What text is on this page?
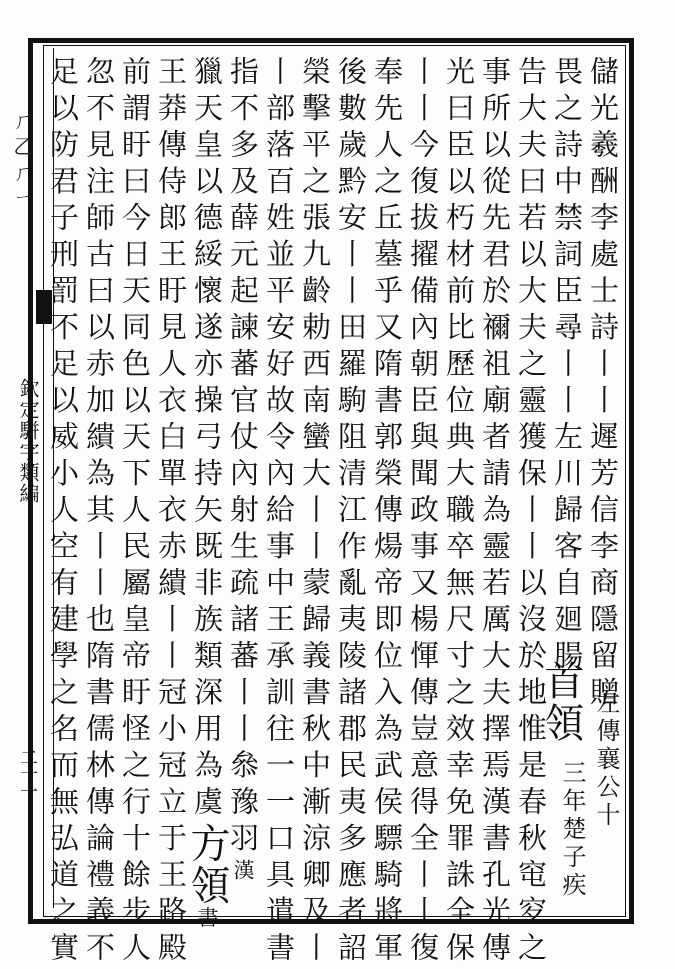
ㄏ乙ㄏㄧ
欽定駢字類編
二十一
儲光羲酬李處士詩丨丨遲芳信李商隱留贈
畏之詩中禁詞臣尋丨丨左川歸客自廻腸
告大夫曰若以大夫之靈獲保丨丨以沒於地惟是春秋窀穸之
事所以從先君於禰祖廟者請為靈若厲大夫擇焉漢書孔光傳
光曰臣以朽材前比歷位典大職卒無尺寸之效幸免罪誅全保
丨丨今復拔擢備內朝臣與聞政事又楊惲傳豈意得全丨丨復
奉先人之丘墓乎又隋書郭榮傳煬帝即位入為武侯驃騎將軍
後數歲黔安丨丨田羅駒阻清江作亂夷陵諸郡民夷多應者詔
榮擊平之張九齡勅西南蠻大丨丨蒙歸義書秋中漸涼卿及丨
丨部落百姓並平安好故令內給事中王承訓往一一口具遣書
指不多及薛元起諫蕃官仗內射生疏諸蕃丨丨叅豫羽漢
獵天皇以德綏懷遂亦操弓持矢既非族類深用為虞方領書
王莽傳侍郎王盱見人衣白單衣赤繢丨丨冠小冠立于王路殿
前謂盱曰今日天同色以天下人民屬皇帝盱怪之行十餘步人
忽不見注師古曰以赤加繢為其丨丨也隋書儒林傳論禮義不
足以防君子刑罰不足以威小人空有建學之名而無弘道之實	首領 左傳襄公十
三年楚子疾
